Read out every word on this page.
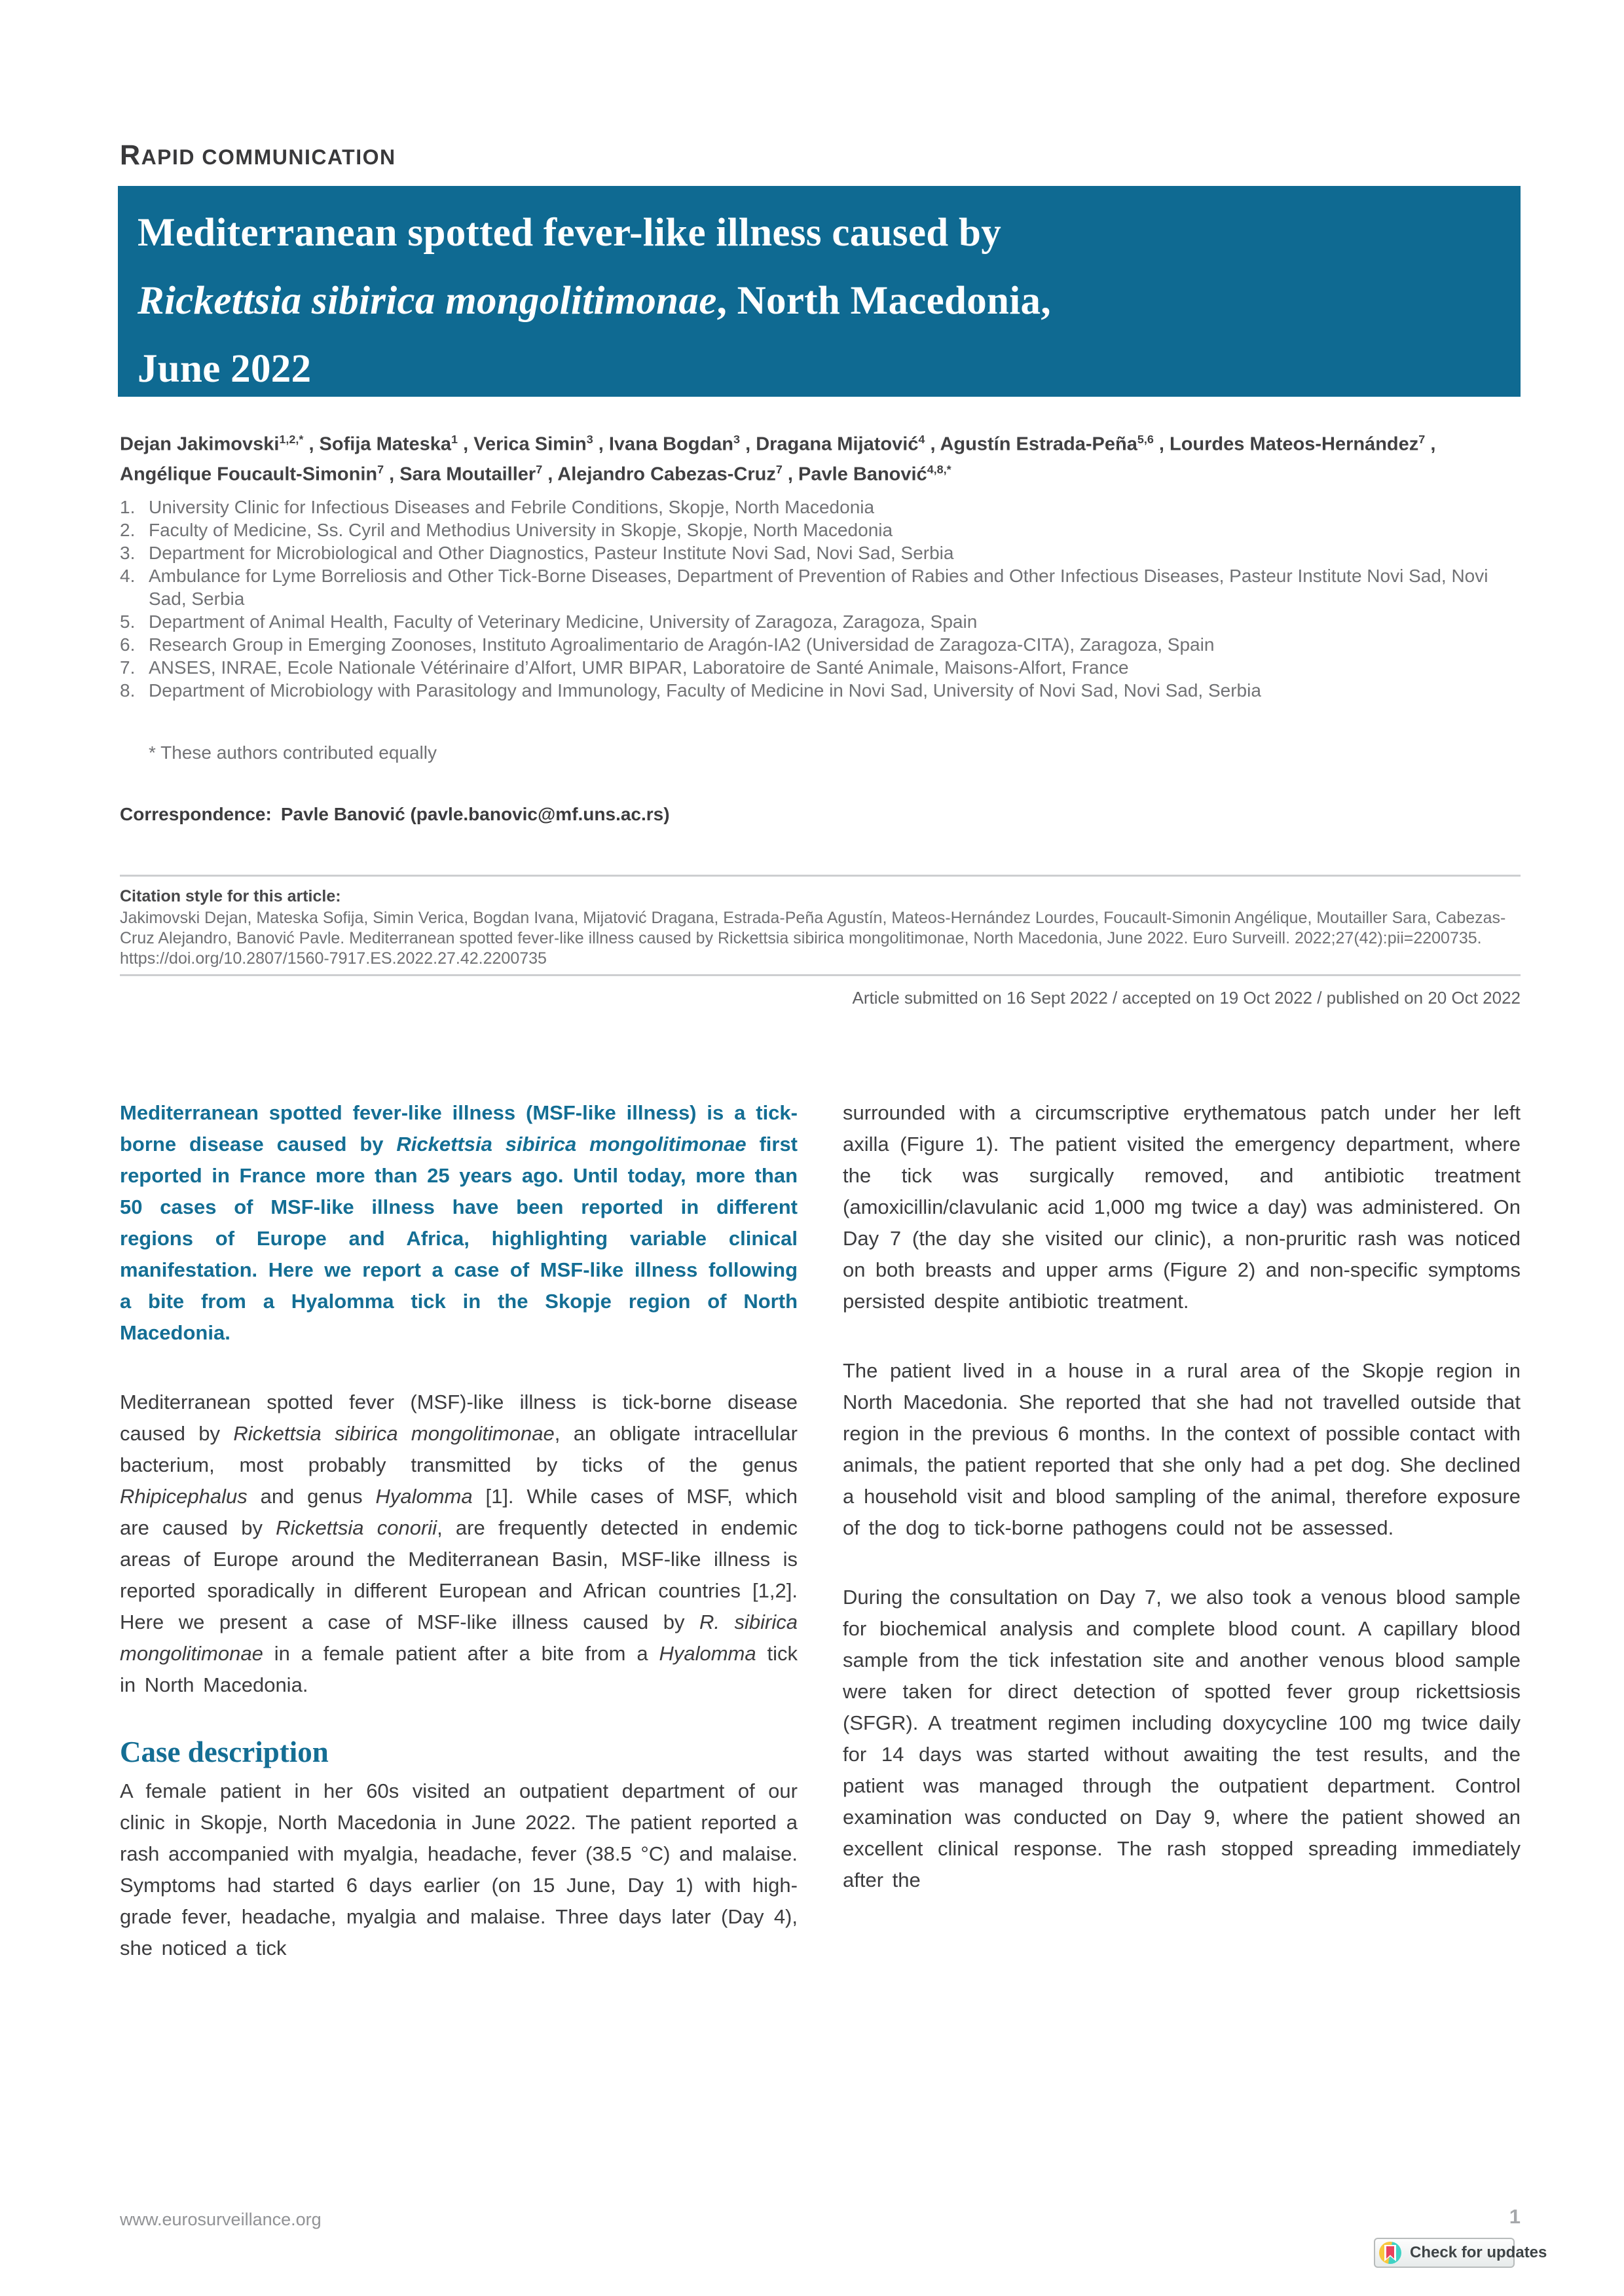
RAPID COMMUNICATION
Mediterranean spotted fever-like illness caused by
Rickettsia sibirica mongolitimonae, North Macedonia,
June 2022
Dejan Jakimovski$^{1,2,*}$ , Sofija Mateska$^1$ , Verica Simin$^3$ , Ivana Bogdan$^3$ , Dragana Mijatović$^4$ , Agustín Estrada-Peña$^{5,6}$ , Lourdes Mateos-Hernández$^7$ , Angélique Foucault-Simonin$^7$ , Sara Moutailler$^7$ , Alejandro Cabezas-Cruz$^7$ , Pavle Banović$^{4,8,*}$
1. University Clinic for Infectious Diseases and Febrile Conditions, Skopje, North Macedonia
2. Faculty of Medicine, Ss. Cyril and Methodius University in Skopje, Skopje, North Macedonia
3. Department for Microbiological and Other Diagnostics, Pasteur Institute Novi Sad, Novi Sad, Serbia
4. Ambulance for Lyme Borreliosis and Other Tick-Borne Diseases, Department of Prevention of Rabies and Other Infectious Diseases, Pasteur Institute Novi Sad, Novi Sad, Serbia
5. Department of Animal Health, Faculty of Veterinary Medicine, University of Zaragoza, Zaragoza, Spain
6. Research Group in Emerging Zoonoses, Instituto Agroalimentario de Aragón-IA2 (Universidad de Zaragoza-CITA), Zaragoza, Spain
7. ANSES, INRAE, Ecole Nationale Vétérinaire d’Alfort, UMR BIPAR, Laboratoire de Santé Animale, Maisons-Alfort, France
8. Department of Microbiology with Parasitology and Immunology, Faculty of Medicine in Novi Sad, University of Novi Sad, Novi Sad, Serbia
* These authors contributed equally
Correspondence: Pavle Banović (pavle.banovic@mf.uns.ac.rs)
Citation style for this article:
Jakimovski Dejan, Mateska Sofija, Simin Verica, Bogdan Ivana, Mijatović Dragana, Estrada-Peña Agustín, Mateos-Hernández Lourdes, Foucault-Simonin Angélique, Moutailler Sara, Cabezas-Cruz Alejandro, Banović Pavle. Mediterranean spotted fever-like illness caused by Rickettsia sibirica mongolitimonae, North Macedonia, June 2022. Euro Surveill. 2022;27(42):pii=2200735. https://doi.org/10.2807/1560-7917.ES.2022.27.42.2200735
Article submitted on 16 Sept 2022 / accepted on 19 Oct 2022 / published on 20 Oct 2022
Mediterranean spotted fever-like illness (MSF-like illness) is a tick-borne disease caused by Rickettsia sibirica mongolitimonae first reported in France more than 25 years ago. Until today, more than 50 cases of MSF-like illness have been reported in different regions of Europe and Africa, highlighting variable clinical manifestation. Here we report a case of MSF-like illness following a bite from a Hyalomma tick in the Skopje region of North Macedonia.

Mediterranean spotted fever (MSF)-like illness is tick-borne disease caused by Rickettsia sibirica mongolitimonae, an obligate intracellular bacterium, most probably transmitted by ticks of the genus Rhipicephalus and genus Hyalomma [1]. While cases of MSF, which are caused by Rickettsia conorii, are frequently detected in endemic areas of Europe around the Mediterranean Basin, MSF-like illness is reported sporadically in different European and African countries [1,2]. Here we present a case of MSF-like illness caused by R. sibirica mongolitimonae in a female patient after a bite from a Hyalomma tick in North Macedonia.

Case description

A female patient in her 60s visited an outpatient department of our clinic in Skopje, North Macedonia in June 2022. The patient reported a rash accompanied with myalgia, headache, fever (38.5 °C) and malaise. Symptoms had started 6 days earlier (on 15 June, Day 1) with high-grade fever, headache, myalgia and malaise. Three days later (Day 4), she noticed a tick

surrounded with a circumscriptive erythematous patch under her left axilla (Figure 1). The patient visited the emergency department, where the tick was surgically removed, and antibiotic treatment (amoxicillin/clavulanic acid 1,000 mg twice a day) was administered. On Day 7 (the day she visited our clinic), a non-pruritic rash was noticed on both breasts and upper arms (Figure 2) and non-specific symptoms persisted despite antibiotic treatment.

The patient lived in a house in a rural area of the Skopje region in North Macedonia. She reported that she had not travelled outside that region in the previous 6 months. In the context of possible contact with animals, the patient reported that she only had a pet dog. She declined a household visit and blood sampling of the animal, therefore exposure of the dog to tick-borne pathogens could not be assessed.

During the consultation on Day 7, we also took a venous blood sample for biochemical analysis and complete blood count. A capillary blood sample from the tick infestation site and another venous blood sample were taken for direct detection of spotted fever group rickettsiosis (SFGR). A treatment regimen including doxycycline 100 mg twice daily for 14 days was started without awaiting the test results, and the patient was managed through the outpatient department. Control examination was conducted on Day 9, where the patient showed an excellent clinical response. The rash stopped spreading immediately after the

www.eurosurveillance.org	1
Check for updates
